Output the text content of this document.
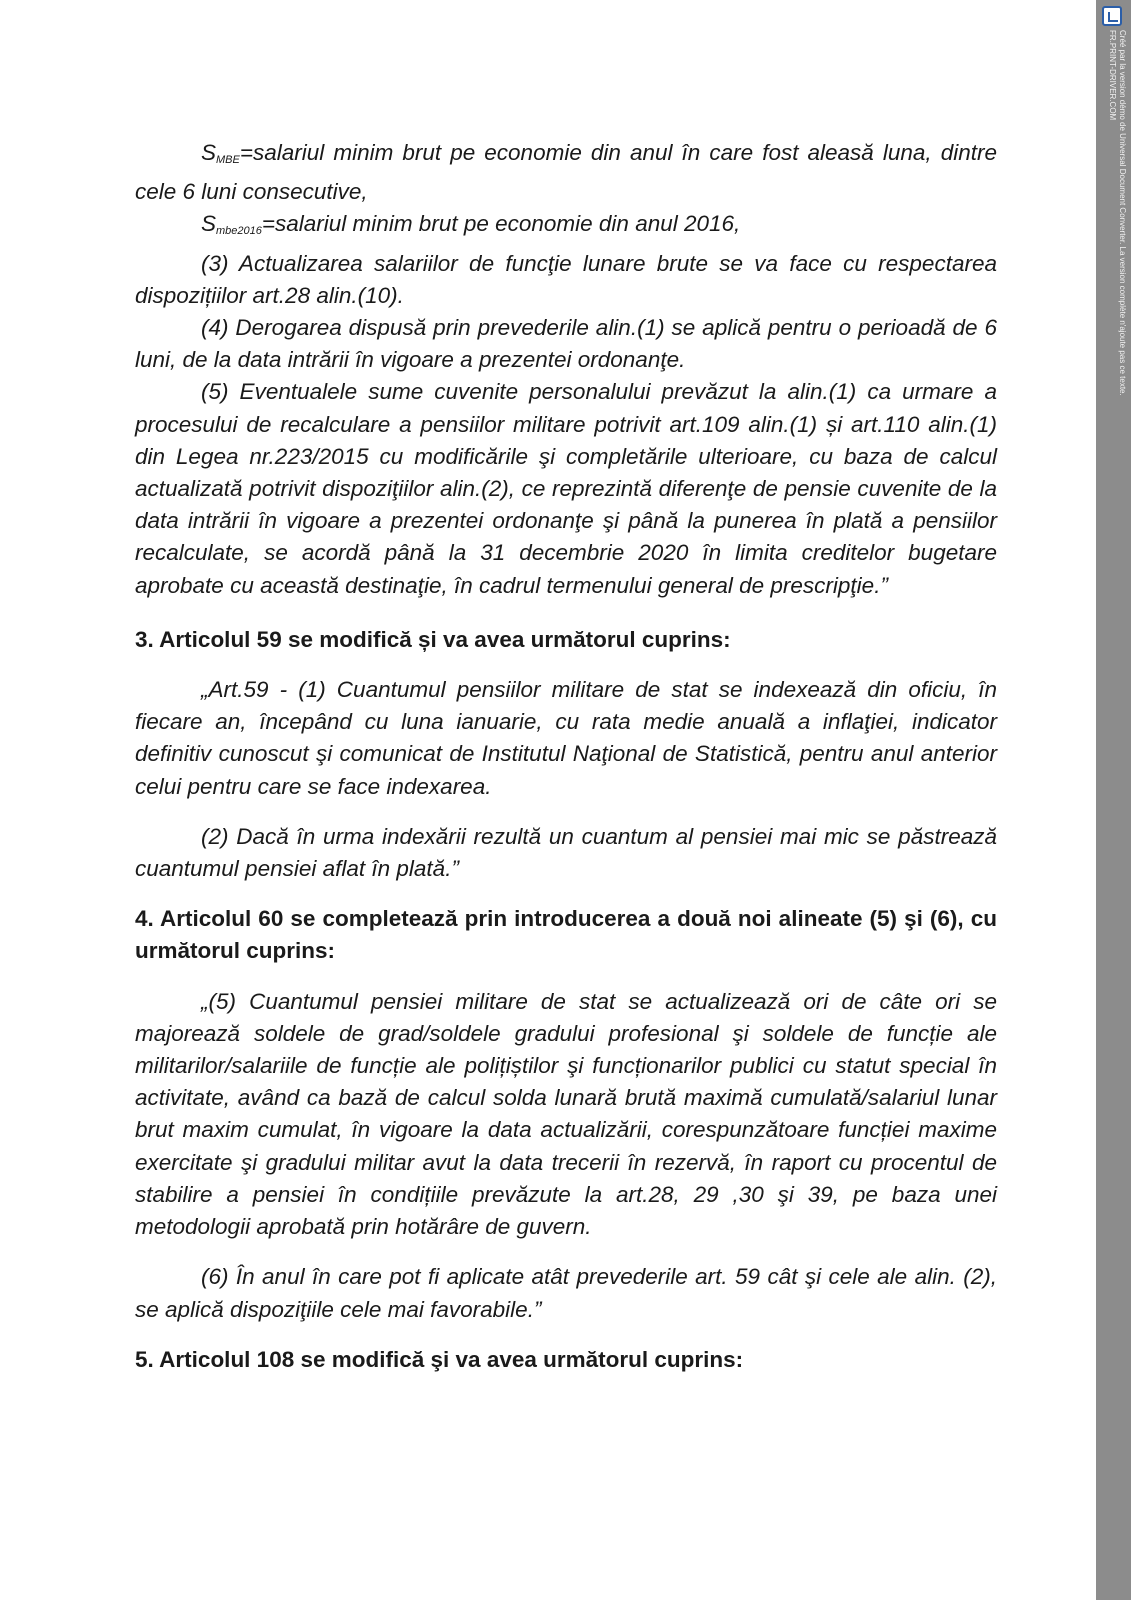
$S_{MBE}=salariul$ minim brut pe economie din anul în care fost aleasă luna, dintre cele 6 luni consecutive,

$S_{mbe2016}=salariul$ minim brut pe economie din anul 2016,

(3) Actualizarea salariilor de funcţie lunare brute se va face cu respectarea dispozițiilor art.28 alin.(10).

(4) Derogarea dispusă prin prevederile alin.(1) se aplică pentru o perioadă de 6 luni, de la data intrării în vigoare a prezentei ordonanţe.

(5) Eventualele sume cuvenite personalului prevăzut la alin.(1) ca urmare a procesului de recalculare a pensiilor militare potrivit art.109 alin.(1) și art.110 alin.(1) din Legea nr.223/2015 cu modificările şi completările ulterioare, cu baza de calcul actualizată potrivit dispoziţiilor alin.(2), ce reprezintă diferenţe de pensie cuvenite de la data intrării în vigoare a prezentei ordonanţe şi până la punerea în plată a pensiilor recalculate, se acordă până la 31 decembrie 2020 în limita creditelor bugetare aprobate cu această destinaţie, în cadrul termenului general de prescripţie.”

3. Articolul 59 se modifică și va avea următorul cuprins:

„Art.59 - (1) Cuantumul pensiilor militare de stat se indexează din oficiu, în fiecare an, începând cu luna ianuarie, cu rata medie anuală a inflaţiei, indicator definitiv cunoscut şi comunicat de Institutul Naţional de Statistică, pentru anul anterior celui pentru care se face indexarea.

(2) Dacă în urma indexării rezultă un cuantum al pensiei mai mic se păstrează cuantumul pensiei aflat în plată.”

4. Articolul 60 se completează prin introducerea a două noi alineate (5) şi (6), cu următorul cuprins:

„(5) Cuantumul pensiei militare de stat se actualizează ori de câte ori se majorează soldele de grad/soldele gradului profesional şi soldele de funcție ale militarilor/salariile de funcție ale polițiștilor şi funcționarilor publici cu statut special în activitate, având ca bază de calcul solda lunară brută maximă cumulată/salariul lunar brut maxim cumulat, în vigoare la data actualizării, corespunzătoare funcției maxime exercitate şi gradului militar avut la data trecerii în rezervă, în raport cu procentul de stabilire a pensiei în condițiile prevăzute la art.28, 29 ,30 şi 39, pe baza unei metodologii aprobată prin hotărâre de guvern.

(6) În anul în care pot fi aplicate atât prevederile art. 59 cât şi cele ale alin. (2), se aplică dispoziţiile cele mai favorabile.”

5. Articolul 108 se modifică şi va avea următorul cuprins:

Créé par la version démo de Universal Document Converter. La version complète n'ajoute pas ce texte.
FR.PRINT-DRIVER.COM
